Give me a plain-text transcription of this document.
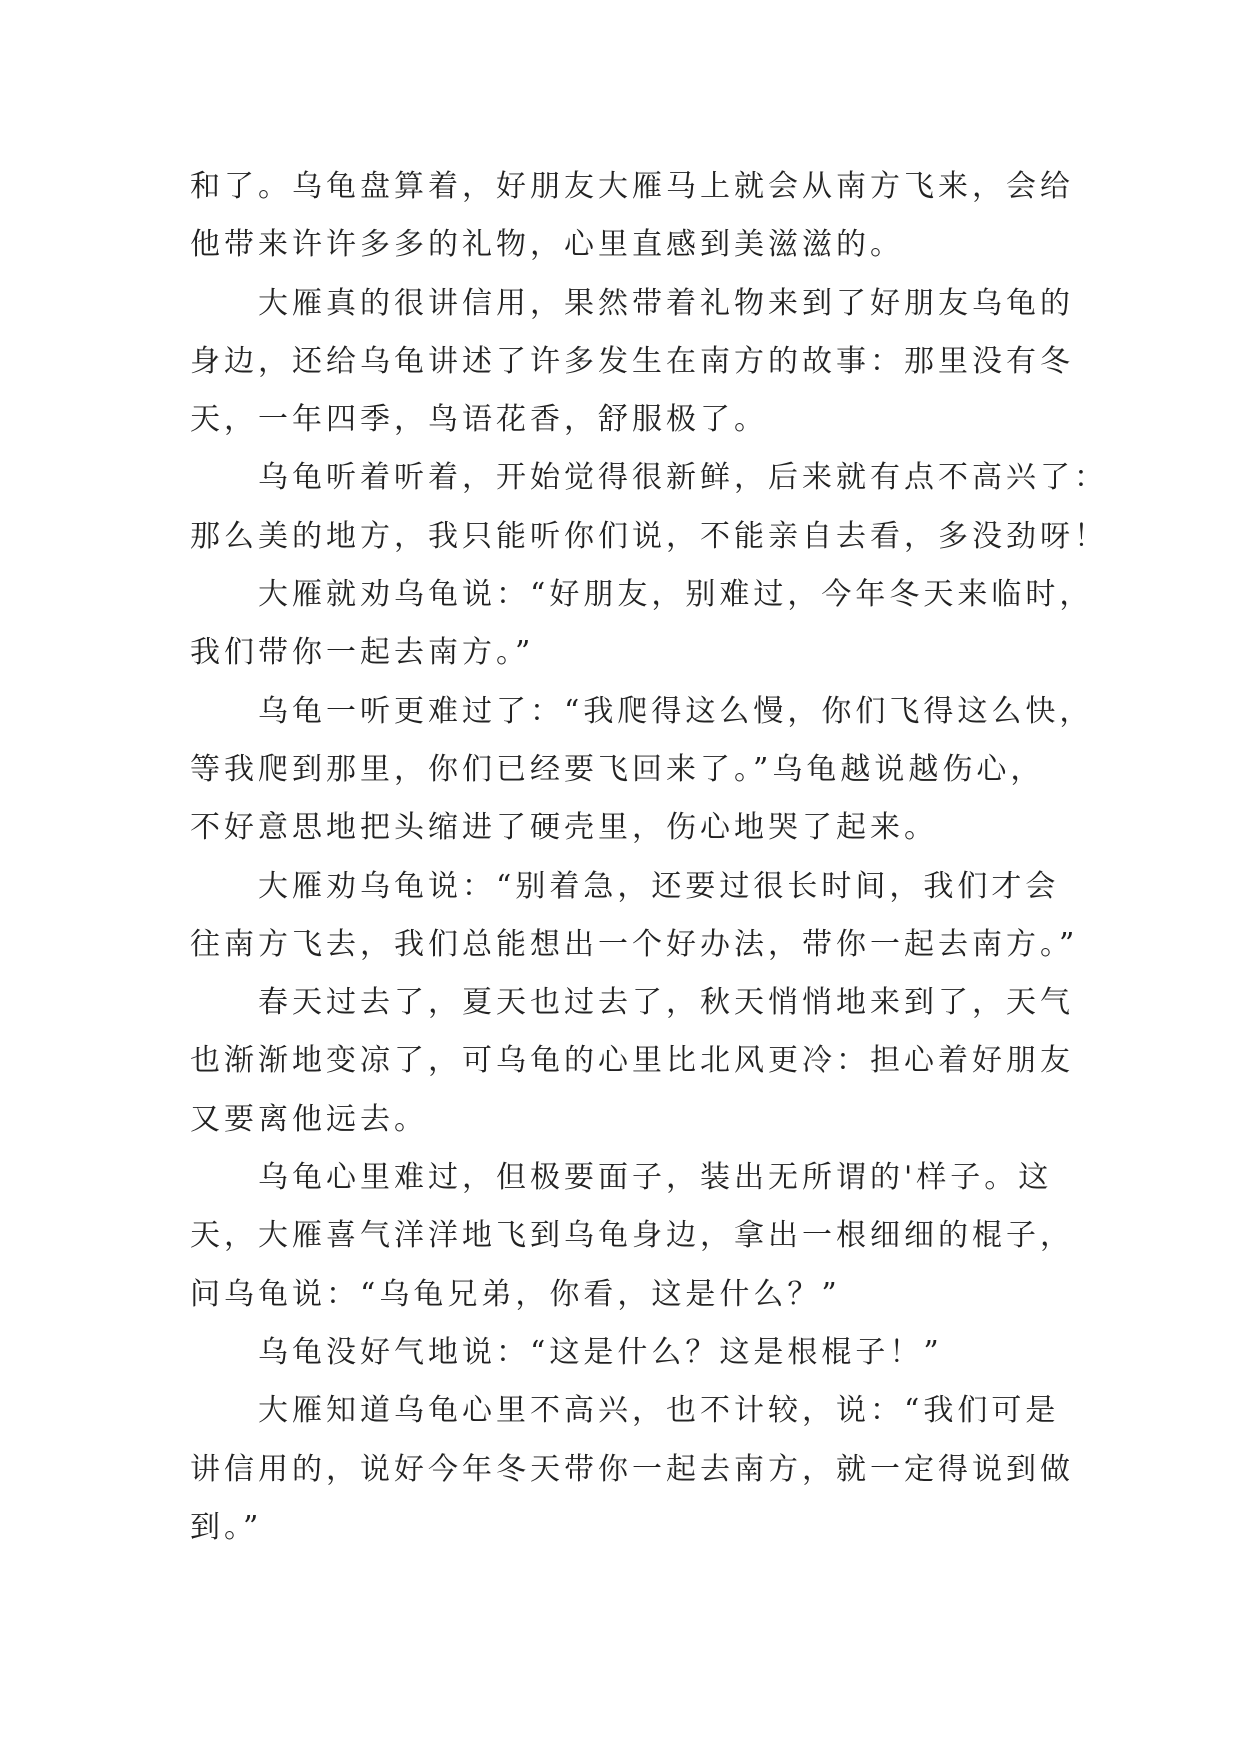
和了。乌龟盘算着，好朋友大雁马上就会从南方飞来，会给
他带来许许多多的礼物，心里直感到美滋滋的。
大雁真的很讲信用，果然带着礼物来到了好朋友乌龟的
身边，还给乌龟讲述了许多发生在南方的故事：那里没有冬
天，一年四季，鸟语花香，舒服极了。
乌龟听着听着，开始觉得很新鲜，后来就有点不高兴了：
那么美的地方，我只能听你们说，不能亲自去看，多没劲呀！
大雁就劝乌龟说：“好朋友，别难过，今年冬天来临时，
我们带你一起去南方。”
乌龟一听更难过了：“我爬得这么慢，你们飞得这么快，
等我爬到那里，你们已经要飞回来了。”乌龟越说越伤心，
不好意思地把头缩进了硬壳里，伤心地哭了起来。
大雁劝乌龟说：“别着急，还要过很长时间，我们才会
往南方飞去，我们总能想出一个好办法，带你一起去南方。”
春天过去了，夏天也过去了，秋天悄悄地来到了，天气
也渐渐地变凉了，可乌龟的心里比北风更冷：担心着好朋友
又要离他远去。
乌龟心里难过，但极要面子，装出无所谓的'样子。这
天，大雁喜气洋洋地飞到乌龟身边，拿出一根细细的棍子，
问乌龟说：“乌龟兄弟，你看，这是什么？”
乌龟没好气地说：“这是什么？这是根棍子！”
大雁知道乌龟心里不高兴，也不计较，说：“我们可是
讲信用的，说好今年冬天带你一起去南方，就一定得说到做
到。”
